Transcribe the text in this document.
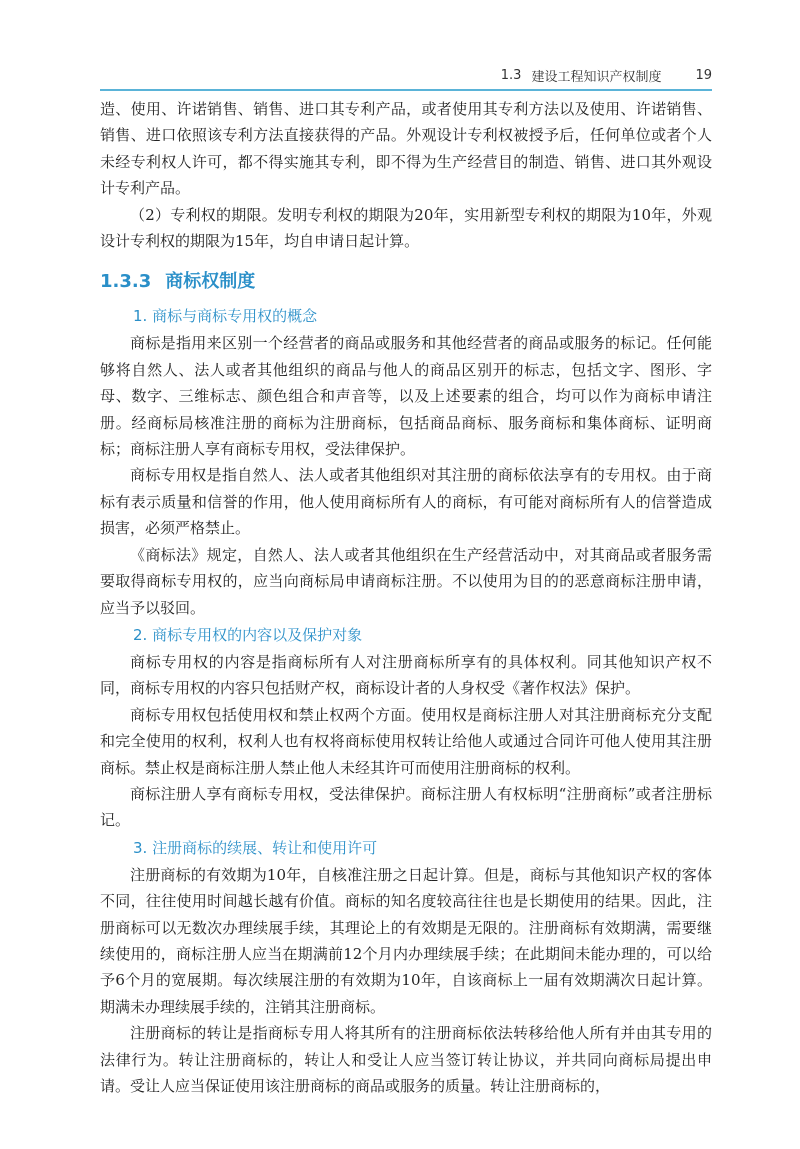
1.3 建设工程知识产权制度	19

造、使用、许诺销售、销售、进口其专利产品，或者使用其专利方法以及使用、许诺销售、销售、进口依照该专利方法直接获得的产品。外观设计专利权被授予后，任何单位或者个人未经专利权人许可，都不得实施其专利，即不得为生产经营目的制造、销售、进口其外观设计专利产品。

（2）专利权的期限。发明专利权的期限为20年，实用新型专利权的期限为10年，外观设计专利权的期限为15年，均自申请日起计算。

1.3.3 商标权制度
1. 商标与商标专用权的概念

商标是指用来区别一个经营者的商品或服务和其他经营者的商品或服务的标记。任何能够将自然人、法人或者其他组织的商品与他人的商品区别开的标志，包括文字、图形、字母、数字、三维标志、颜色组合和声音等，以及上述要素的组合，均可以作为商标申请注册。经商标局核准注册的商标为注册商标，包括商品商标、服务商标和集体商标、证明商标；商标注册人享有商标专用权，受法律保护。

商标专用权是指自然人、法人或者其他组织对其注册的商标依法享有的专用权。由于商标有表示质量和信誉的作用，他人使用商标所有人的商标，有可能对商标所有人的信誉造成损害，必须严格禁止。

《商标法》规定，自然人、法人或者其他组织在生产经营活动中，对其商品或者服务需要取得商标专用权的，应当向商标局申请商标注册。不以使用为目的的恶意商标注册申请，应当予以驳回。

2. 商标专用权的内容以及保护对象

商标专用权的内容是指商标所有人对注册商标所享有的具体权利。同其他知识产权不同，商标专用权的内容只包括财产权，商标设计者的人身权受《著作权法》保护。

商标专用权包括使用权和禁止权两个方面。使用权是商标注册人对其注册商标充分支配和完全使用的权利，权利人也有权将商标使用权转让给他人或通过合同许可他人使用其注册商标。禁止权是商标注册人禁止他人未经其许可而使用注册商标的权利。

商标注册人享有商标专用权，受法律保护。商标注册人有权标明“注册商标”或者注册标记。

3. 注册商标的续展、转让和使用许可

注册商标的有效期为10年，自核准注册之日起计算。但是，商标与其他知识产权的客体不同，往往使用时间越长越有价值。商标的知名度较高往往也是长期使用的结果。因此，注册商标可以无数次办理续展手续，其理论上的有效期是无限的。注册商标有效期满，需要继续使用的，商标注册人应当在期满前12个月内办理续展手续；在此期间未能办理的，可以给予6个月的宽展期。每次续展注册的有效期为10年，自该商标上一届有效期满次日起计算。期满未办理续展手续的，注销其注册商标。

注册商标的转让是指商标专用人将其所有的注册商标依法转移给他人所有并由其专用的法律行为。转让注册商标的，转让人和受让人应当签订转让协议，并共同向商标局提出申请。受让人应当保证使用该注册商标的商品或服务的质量。转让注册商标的，
